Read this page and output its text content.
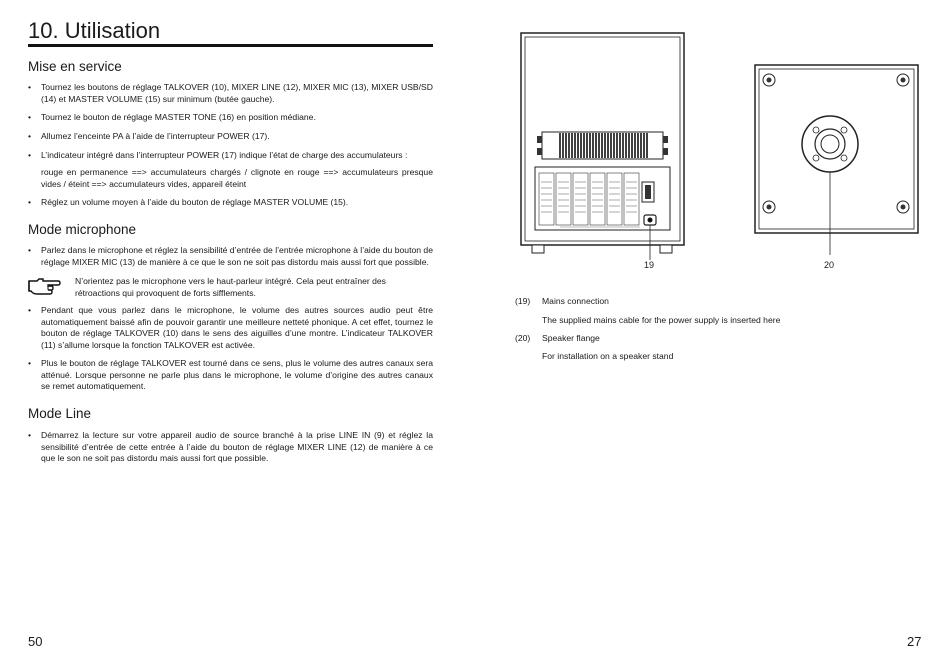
10. Utilisation
Mise en service
• Tournez les boutons de réglage TALKOVER (10), MIXER LINE (12), MIXER MIC (13), MIXER USB/SD (14) et MASTER VOLUME (15) sur minimum (butée gauche).
• Tournez le bouton de réglage MASTER TONE (16) en position médiane.
• Allumez l’enceinte PA à l’aide de l’interrupteur POWER (17).
• L’indicateur intégré dans l’interrupteur POWER (17) indique l’état de charge des accumulateurs :
rouge en permanence ==> accumulateurs chargés / clignote en rouge ==> accumulateurs presque vides / éteint ==> accumulateurs vides, appareil éteint
• Réglez un volume moyen à l’aide du bouton de réglage MASTER VOLUME (15).
Mode microphone
• Parlez dans le microphone et réglez la sensibilité d’entrée de l’entrée microphone à l’aide du bouton de réglage MIXER MIC (13) de manière à ce que le son ne soit pas distordu mais aussi fort que possible.
N’orientez pas le microphone vers le haut-parleur intégré. Cela peut entraîner des rétroactions qui provoquent de forts sifflements.
• Pendant que vous parlez dans le microphone, le volume des autres sources audio peut être automatiquement baissé afin de pouvoir garantir une meilleure netteté phonique. A cet effet, tournez le bouton de réglage TALKOVER (10) dans le sens des aiguilles d’une montre. L’indicateur TALKOVER (11) s’allume lorsque la fonction TALKOVER est activée.
• Plus le bouton de réglage TALKOVER est tourné dans ce sens, plus le volume des autres canaux sera atténué. Lorsque personne ne parle plus dans le microphone, le volume d’origine des autres canaux se remet automatiquement.
Mode Line
• Démarrez la lecture sur votre appareil audio de source branché à la prise LINE IN (9) et réglez la sensibilité d’entrée de cette entrée à l’aide du bouton de réglage MIXER LINE (12) de manière à ce que le son ne soit pas distordu mais aussi fort que possible.
50
19	20
(19) Mains connection
The supplied mains cable for the power supply is inserted here
(20) Speaker flange
For installation on a speaker stand
27
